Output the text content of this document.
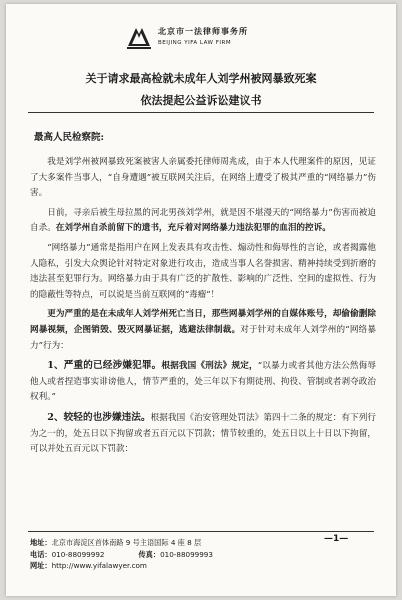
北京市一法律师事务所
BEIJING YIFA LAW FIRM
关于请求最高检就未成年人刘学州被网暴致死案
依法提起公益诉讼建议书
最高人民检察院:

我是刘学州被网暴致死案被害人亲属委托律师周兆成，由于本人代理案件的原因，见证了大多案件当事人，“自身遭遇”被互联网关注后，在网络上遭受了极其严重的“网络暴力”伤害。

日前，寻亲后被生母拉黑的河北男孩刘学州，就是因不堪漫天的“网络暴力”伤害而被迫自杀。在刘学州自杀前留下的遗书，充斥着对网络暴力违法犯罪的血泪的控诉。

“网络暴力”通常是指用户在网上发表具有攻击性、煽动性和侮辱性的言论，或者揭露他人隐私，引发大众舆论针对特定对象进行攻击，造成当事人名誉损害、精神持续受到折磨的违法甚至犯罪行为。网络暴力由于具有广泛的扩散性、影响的广泛性、空间的虚拟性、行为的隐蔽性等特点，可以说是当前互联网的“毒瘤”！

更为严重的是在未成年人刘学州死亡当日，那些网暴刘学州的自媒体账号，却偷偷删除网暴视频，企图销毁、毁灭网暴证据，逃避法律制裁。对于针对未成年人刘学州的“网络暴力”行为：

1、严重的已经涉嫌犯罪。根据我国《刑法》规定，“以暴力或者其他方法公然侮辱他人或者捏造事实诽谤他人，情节严重的，处三年以下有期徒刑、拘役、管制或者剥夺政治权利。”

2、较轻的也涉嫌违法。根据我国《治安管理处罚法》第四十二条的规定：有下列行为之一的，处五日以下拘留或者五百元以下罚款；情节较重的，处五日以上十日以下拘留，可以并处五百元以下罚款：

—1—
地址：北京市海淀区首体南路 9 号主语国际 4 座 8 层
电话：010-88099992	传真：010-88099993
网址：http://www.yifalawyer.com
